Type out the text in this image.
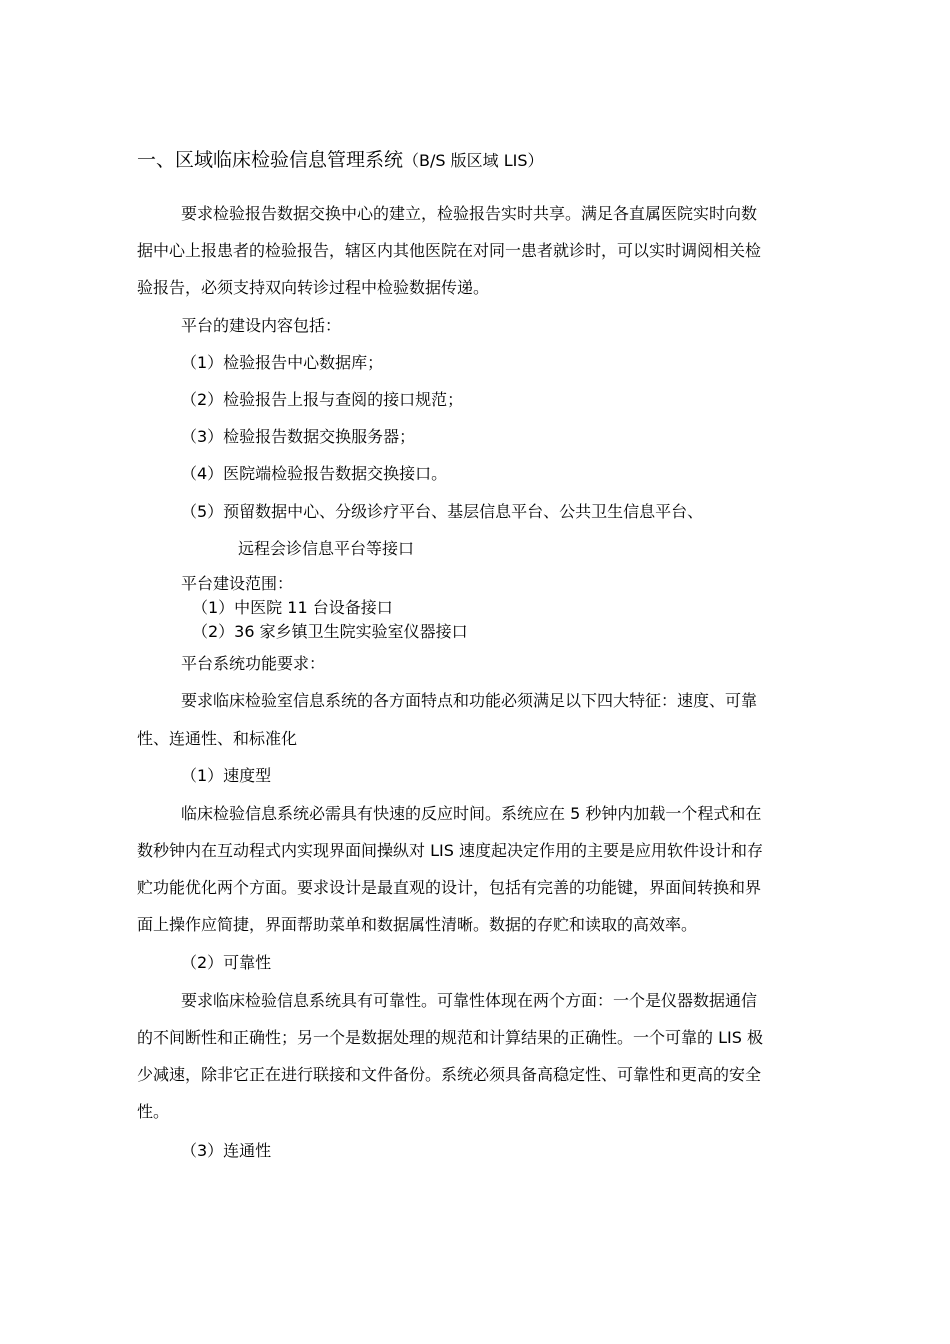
一、区域临床检验信息管理系统（B/S 版区域 LIS）
要求检验报告数据交换中心的建立，检验报告实时共享。满足各直属医院实时向数
据中心上报患者的检验报告，辖区内其他医院在对同一患者就诊时，可以实时调阅相关检
验报告，必须支持双向转诊过程中检验数据传递。
平台的建设内容包括：
（1）检验报告中心数据库；
（2）检验报告上报与查阅的接口规范；
（3）检验报告数据交换服务器；
（4）医院端检验报告数据交换接口。
（5）预留数据中心、分级诊疗平台、基层信息平台、公共卫生信息平台、
远程会诊信息平台等接口
平台建设范围：
（1）中医院 11 台设备接口
（2）36 家乡镇卫生院实验室仪器接口
平台系统功能要求：
要求临床检验室信息系统的各方面特点和功能必须满足以下四大特征：速度、可靠
性、连通性、和标准化
（1）速度型
临床检验信息系统必需具有快速的反应时间。系统应在 5 秒钟内加载一个程式和在
数秒钟内在互动程式内实现界面间操纵对 LIS 速度起决定作用的主要是应用软件设计和存
贮功能优化两个方面。要求设计是最直观的设计，包括有完善的功能键，界面间转换和界
面上操作应简捷，界面帮助菜单和数据属性清晰。数据的存贮和读取的高效率。
（2）可靠性
要求临床检验信息系统具有可靠性。可靠性体现在两个方面：一个是仪器数据通信
的不间断性和正确性；另一个是数据处理的规范和计算结果的正确性。一个可靠的 LIS 极
少减速，除非它正在进行联接和文件备份。系统必须具备高稳定性、可靠性和更高的安全
性。
（3）连通性
